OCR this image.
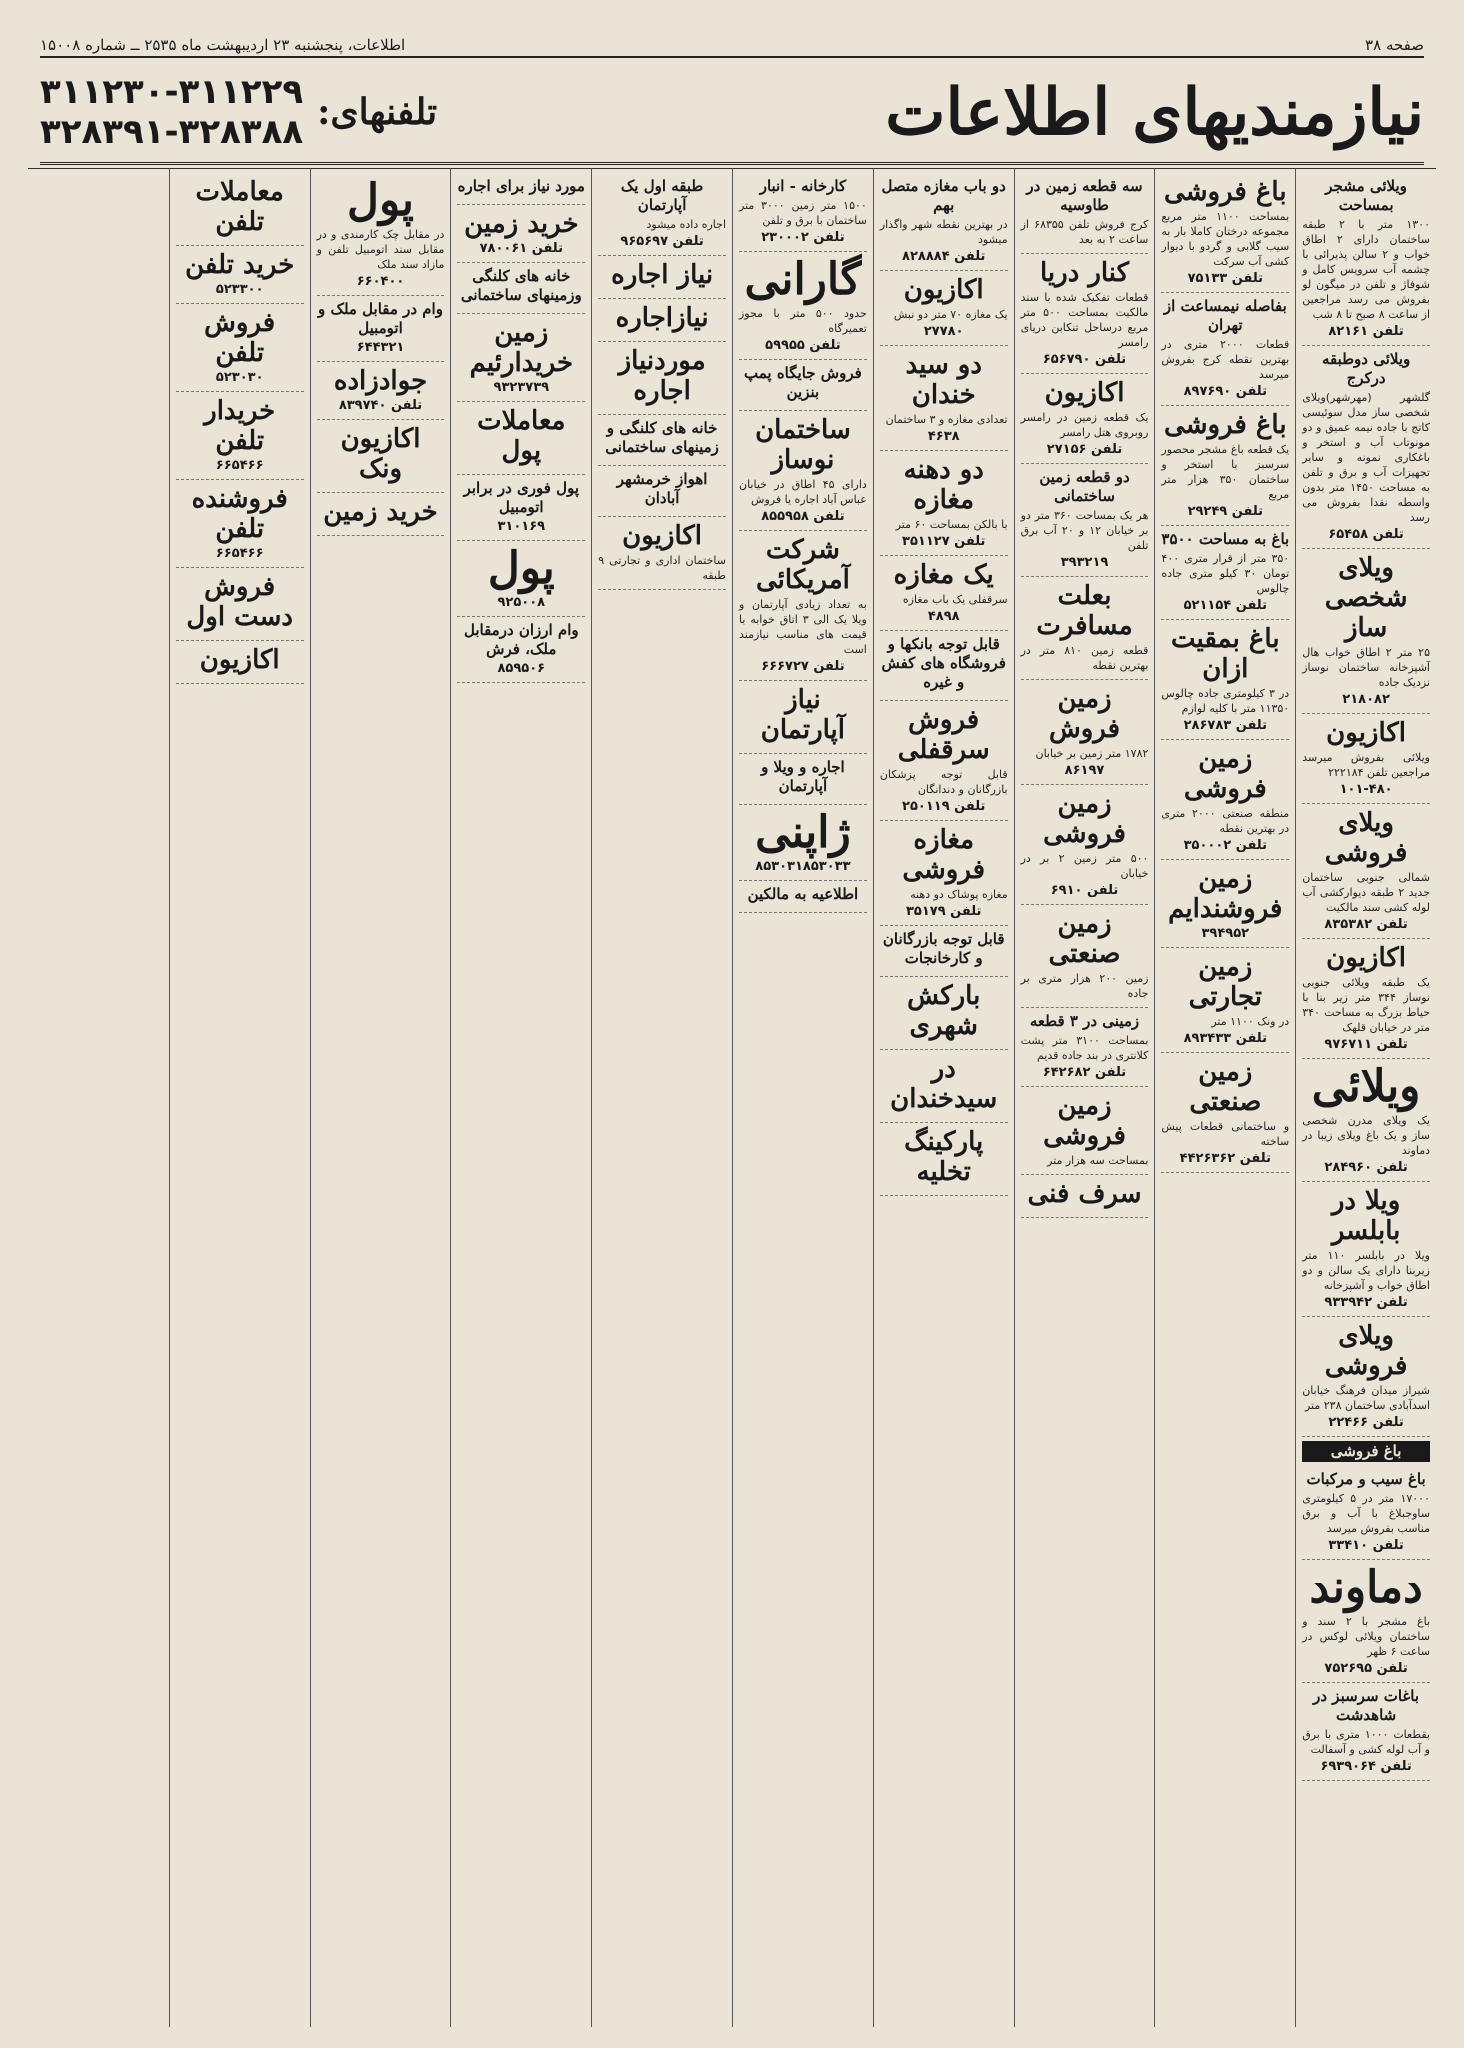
صفحه ۳۸
اطلاعات، پنجشنبه ۲۳ اردیبهشت ماه ۲۵۳۵ ــ شماره ۱۵۰۰۸
نیازمندیهای اطلاعات
تلفنهای:
۳۱۱۲۳۰-۳۱۱۲۲۹
۳۲۸۳۹۱-۳۲۸۳۸۸
ویلائی مشجر بمساحت
۱۳۰۰ متر با ۲ طبقه ساختمان دارای ۲ اطاق خواب و ۲ سالن پذیرائی با چشمه آب سرویس کامل و شوفاژ و تلفن در میگون لو بفروش می رسد مراجعین از ساعت ۸ صبح تا ۸ شب
تلفن ۸۲۱۶۱
ویلائی دوطبقه درکرج
گلشهر (مهرشهر)ویلای شخصی ساز مدل سوئیسی کاتج با جاده نیمه عمیق و دو مونوتاب آب و استخر و باغکاری نمونه و سایر تجهیزات آب و برق و تلفن به مساحت ۱۴۵۰ متر بدون واسطه نقدا بفروش می رسد
تلفن ۶۵۴۵۸
ویلای شخصی ساز
۲۵ متر ۲ اطاق خواب هال آشپزخانه ساختمان نوساز نزدیک جاده
۲۱۸۰۸۲
اکازیون
ویلائی بفروش میرسد مراجعین تلفن ۲۲۲۱۸۴
۱۰۱-۴۸۰
ویلای فروشی
شمالی جنوبی ساختمان جدید ۲ طبقه دیوارکشی آب لوله کشی سند مالکیت
تلفن ۸۳۵۳۸۲
اکازیون
یک طبقه ویلائی جنوبی نوساز ۳۴۴ متر زیر بنا با حیاط بزرگ به مساحت ۳۴۰ متر در خیابان قلهک
تلفن ۹۷۶۷۱۱
ویلائی
یک ویلای مدرن شخصی ساز و یک باغ ویلای زیبا در دماوند
تلفن ۲۸۴۹۶۰
ویلا در بابلسر
ویلا در بابلسر ۱۱۰ متر زیربنا دارای یک سالن و دو اطاق خواب و آشپزخانه
تلفن ۹۳۳۹۴۲
ویلای فروشی
شیراز میدان فرهنگ خیابان اسدآبادی ساختمان ۲۳۸ متر
تلفن ۲۲۴۶۶
باغ فروشی
باغ سیب و مرکبات
۱۷۰۰۰ متر در ۵ کیلومتری ساوجبلاغ با آب و برق مناسب بفروش میرسد
تلفن ۳۳۴۱۰
دماوند
باغ مشجر با ۲ سند و ساختمان ویلائی لوکس در ساعت ۶ ظهر
تلفن ۷۵۲۶۹۵
باغات سرسبز در شاهدشت
بقطعات ۱۰۰۰ متری با برق و آب لوله کشی و آسفالت
تلفن ۶۹۳۹۰۶۴
باغ فروشی
بمساحت ۱۱۰۰ متر مربع مجموعه درختان کاملا بار به سیب گلابی و گردو با دیوار کشی آب سرکت
تلفن ۷۵۱۳۳
بفاصله نیمساعت از تهران
قطعات ۲۰۰۰ متری در بهترین نقطه کرج بفروش میرسد
تلفن ۸۹۷۶۹۰
باغ فروشی
یک قطعه باغ مشجر محصور سرسبز با استخر و ساختمان ۳۵۰ هزار متر مربع
تلفن ۲۹۲۴۹
باغ به مساحت ۳۵۰۰
۳۵۰ متر از قرار متری ۴۰۰ تومان ۳۰ کیلو متری جاده چالوس
تلفن ۵۲۱۱۵۴
باغ بمقیت ازان
در ۳ کیلومتری جاده چالوس ۱۱۳۵۰ متر با کلیه لوازم
تلفن ۲۸۶۷۸۳
زمین فروشی
منطقه صنعتی ۲۰۰۰ متری در بهترین نقطه
تلفن ۳۵۰۰۰۲
زمین فروشندایم
۳۹۴۹۵۲
زمین تجارتی
در ونک ۱۱۰۰ متر
تلفن ۸۹۳۴۳۳
زمین صنعتی
و ساختمانی قطعات پیش ساخته
تلفن ۴۴۲۶۳۶۲
سه قطعه زمین در طاوسیه
کرج فروش تلفن ۶۸۳۵۵ از ساعت ۲ به بعد
کنار دریا
قطعات تفکیک شده با سند مالکیت بمساحت ۵۰۰ متر مربع درساحل تنکابن دریای رامسر
تلفن ۶۵۶۷۹۰
اکازیون
یک قطعه زمین در رامسر روبروی هتل رامسر
تلفن ۲۷۱۵۶
دو قطعه زمین ساختمانی
هر یک بمساحت ۳۶۰ متر دو بر خیابان ۱۲ و ۲۰ آب برق تلفن
۳۹۳۲۱۹
بعلت مسافرت
قطعه زمین ۸۱۰ متر در بهترین نقطه
زمین فروش
۱۷۸۲ متر زمین بر خیابان
۸۶۱۹۷
زمین فروشی
۵۰۰ متر زمین ۲ بر در خیابان
تلفن ۶۹۱۰
زمین صنعتی
زمین ۲۰۰ هزار متری بر جاده
زمینی در ۳ قطعه
بمساحت ۳۱۰۰ متر پشت کلانتری در بند جاده قدیم
تلفن ۶۴۲۶۸۲
زمین فروشی
بمساحت سه هزار متر
سرف فنی
دو باب مغازه متصل بهم
در بهترین نقطه شهر واگذار میشود
تلفن ۸۲۸۸۸۴
اکازیون
یک مغازه ۷۰ متر دو نبش
۲۷۷۸۰
دو سید خندان
تعدادی مغازه و ۳ ساختمان
۴۶۳۸
دو دهنه مغازه
با بالکن بمساحت ۶۰ متر
تلفن ۳۵۱۱۲۷
یک مغازه
سرقفلی یک باب مغازه
۴۸۹۸
قابل توجه بانکها و فروشگاه های کفش و غیره
فروش سرقفلی
قابل توجه پزشکان بازرگانان و دندانگان
تلفن ۲۵۰۱۱۹
مغازه فروشی
مغازه پوشاک دو دهنه
تلفن ۳۵۱۷۹
قابل توجه بازرگانان و کارخانجات
بارکش شهری
در سیدخندان
پارکینگ تخلیه
کارخانه - انبار
۱۵۰۰ متر زمین ۳۰۰۰ متر ساختمان با برق و تلفن
تلفن ۲۳۰۰۰۲
گارانی
حدود ۵۰۰ متر با مجوز تعمیرگاه
تلفن ۵۹۹۵۵
فروش جایگاه پمپ بنزین
ساختمان نوساز
دارای ۴۵ اطاق در خیابان عباس آباد اجاره یا فروش
تلفن ۸۵۵۹۵۸
شرکت آمریکائی
به تعداد زیادی آپارتمان و ویلا یک الی ۳ اتاق خوابه با قیمت های مناسب نیازمند است
تلفن ۶۶۶۷۲۷
نیاز آپارتمان
اجاره و ویلا و آپارتمان
ژاپنی
۸۵۳۰۳۱۸۵۳۰۳۳
اطلاعیه به مالکین
طبقه اول یک آپارتمان
اجاره داده میشود
تلفن ۹۶۵۶۹۷
نیاز اجاره
نیازاجاره
موردنیاز اجاره
خانه های کلنگی و زمینهای ساختمانی
اهواز خرمشهر آبادان
اکازیون
ساختمان اداری و تجارتی ۹ طبقه
مورد نیاز برای اجاره
خرید زمین
تلفن ۷۸۰۰۶۱
خانه های کلنگی وزمینهای ساختمانی
زمین خریدارئیم
۹۳۲۳۷۳۹
معاملات پول
پول فوری در برابر اتومبیل
۳۱۰۱۶۹
پول
۹۲۵۰۰۸
وام ارزان درمقابل ملک، فرش
۸۵۹۵۰۶
پول
در مقابل چک کارمندی و در مقابل سند اتومبیل تلفن و مازاد سند ملک
۶۶۰۴۰۰
وام در مقابل ملک و اتومبیل
۶۴۴۳۲۱
جوادزاده
تلفن ۸۳۹۷۴۰
اکازیون ونک
خرید زمین
معاملات تلفن
خرید تلفن
۵۲۳۳۰۰
فروش تلفن
۵۲۳۰۳۰
خریدار تلفن
۶۶۵۴۶۶
فروشنده تلفن
۶۶۵۴۶۶
فروش دست اول
اکازیون
